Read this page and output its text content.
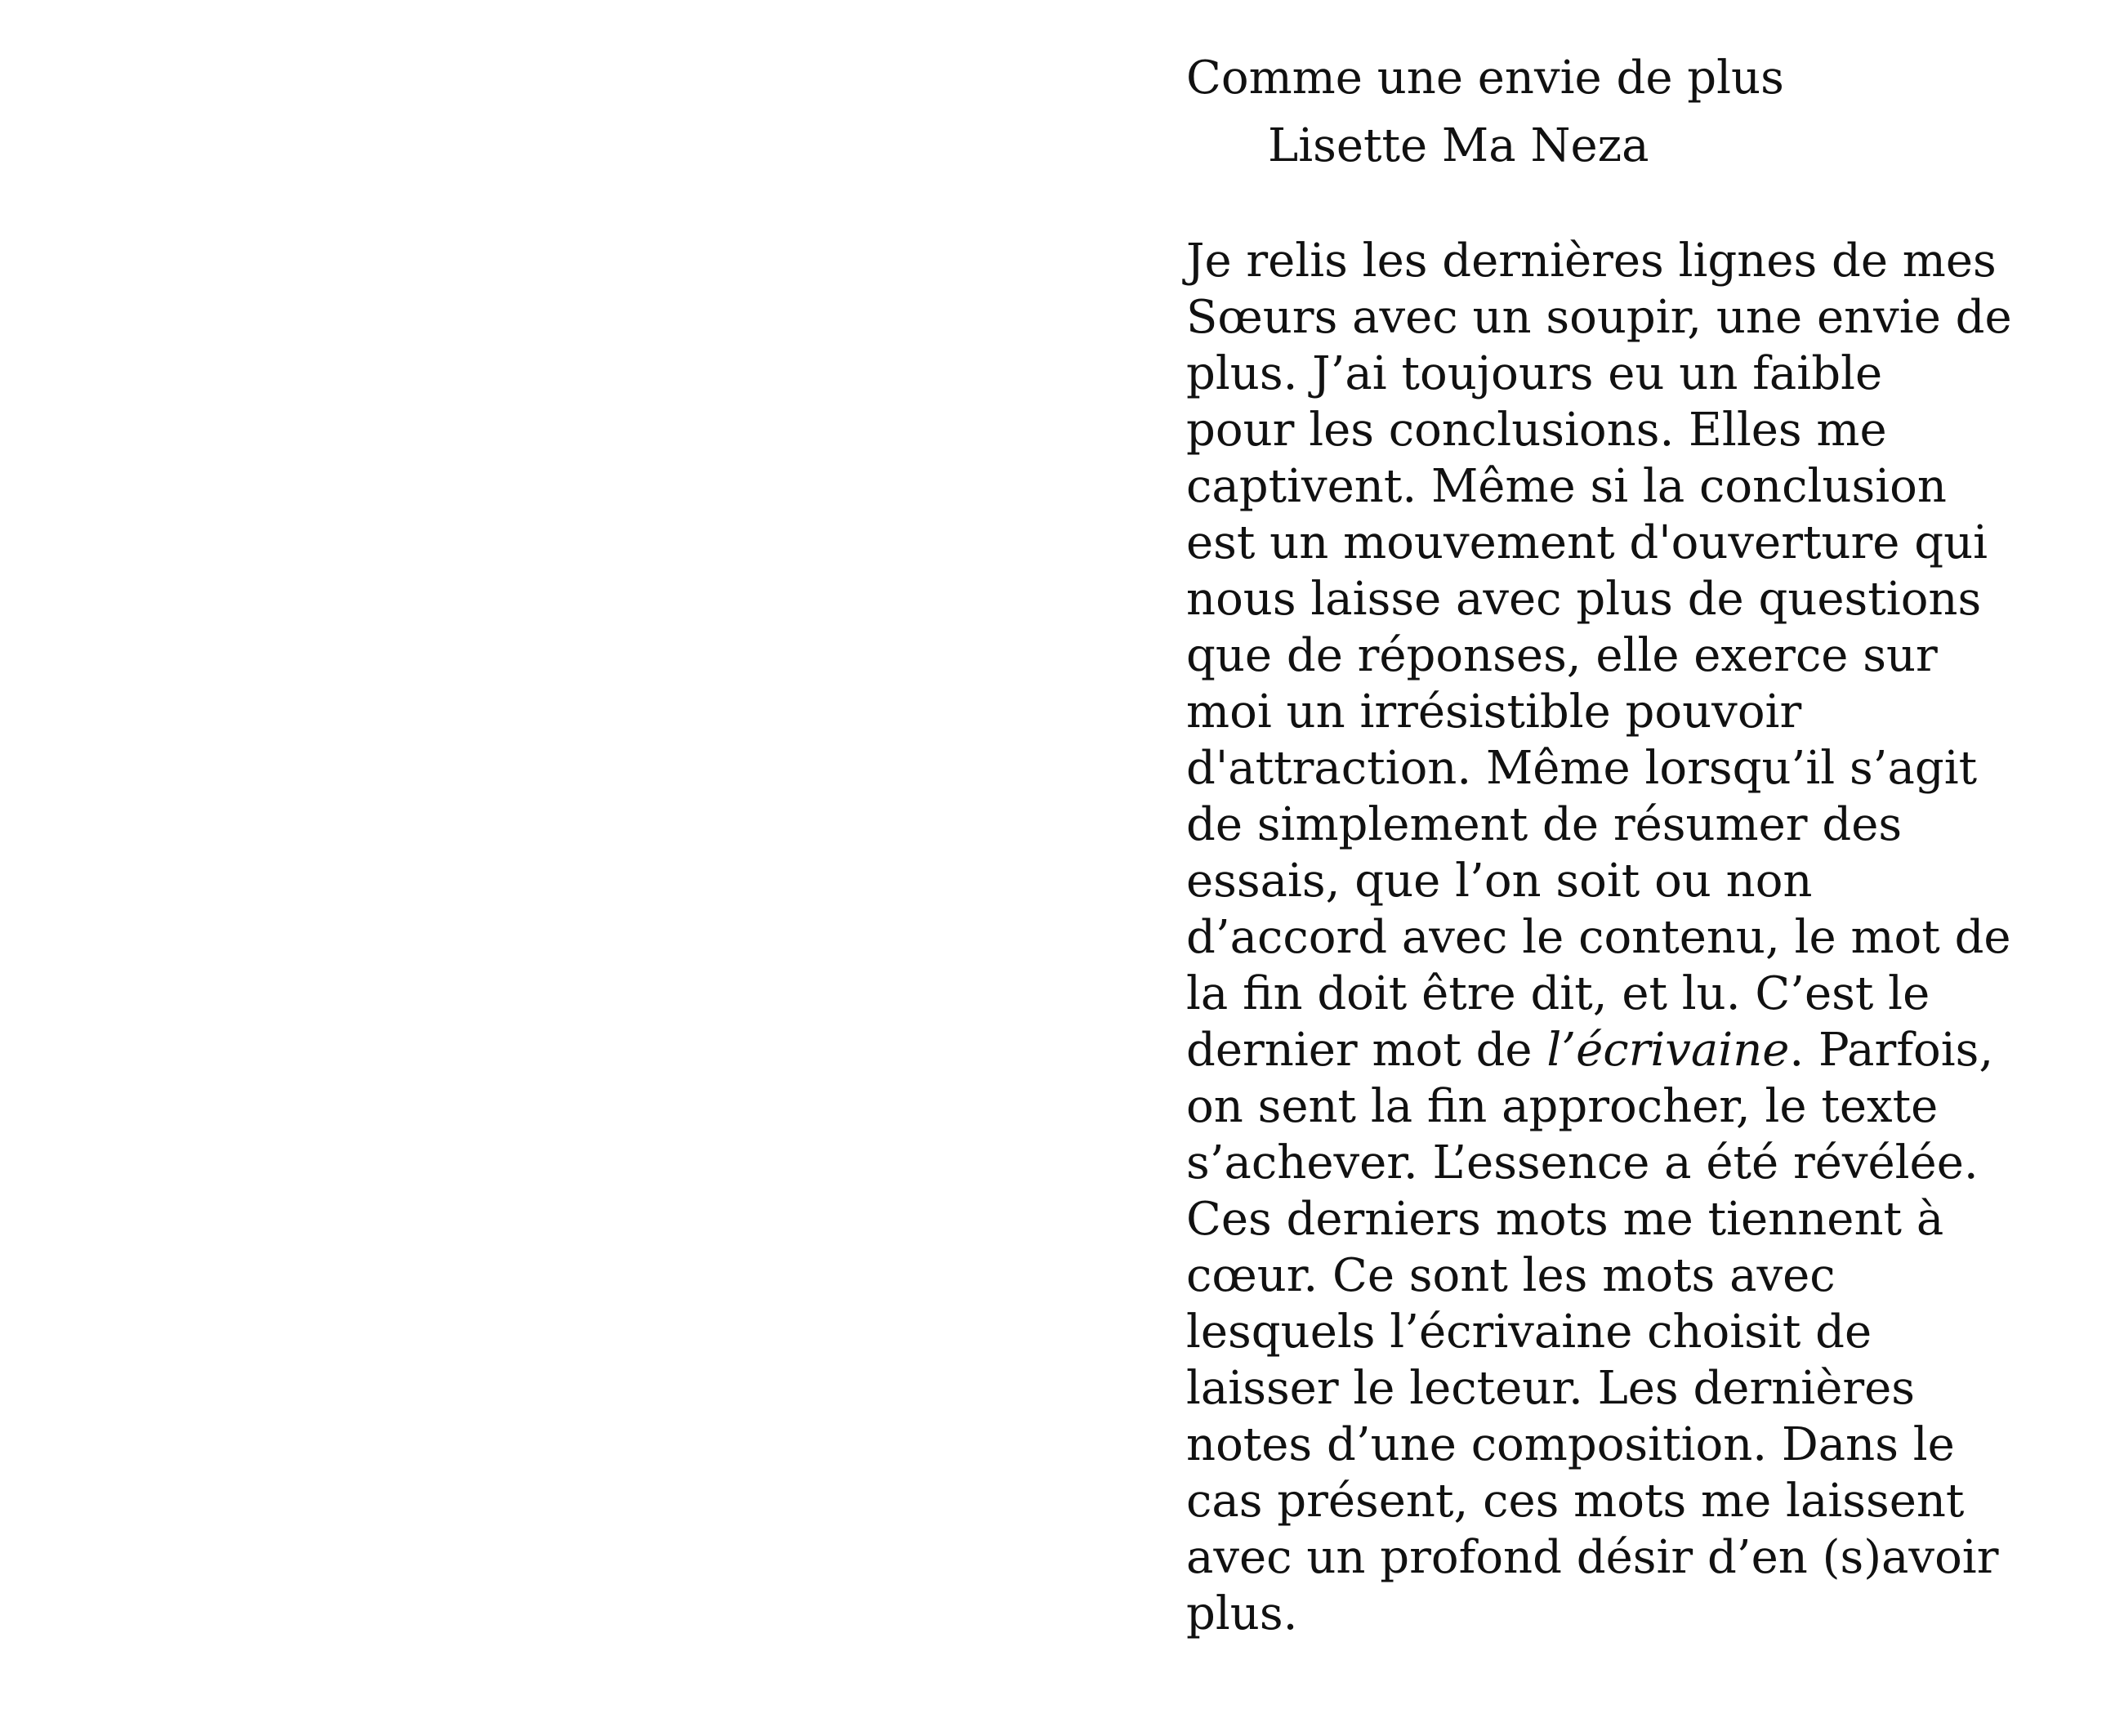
Comme une envie de plus
Lisette Ma Neza

Je relis les dernières lignes de mes
Sœurs avec un soupir, une envie de
plus. J’ai toujours eu un faible
pour les conclusions. Elles me
captivent. Même si la conclusion
est un mouvement d'ouverture qui
nous laisse avec plus de questions
que de réponses, elle exerce sur
moi un irrésistible pouvoir
d'attraction. Même lorsqu’il s’agit
de simplement de résumer des
essais, que l’on soit ou non
d’accord avec le contenu, le mot de
la fin doit être dit, et lu. C’est le
dernier mot de l’écrivaine. Parfois,
on sent la fin approcher, le texte
s’achever. L’essence a été révélée.
Ces derniers mots me tiennent à
cœur. Ce sont les mots avec
lesquels l’écrivaine choisit de
laisser le lecteur. Les dernières
notes d’une composition. Dans le
cas présent, ces mots me laissent
avec un profond désir d’en (s)avoir
plus.
